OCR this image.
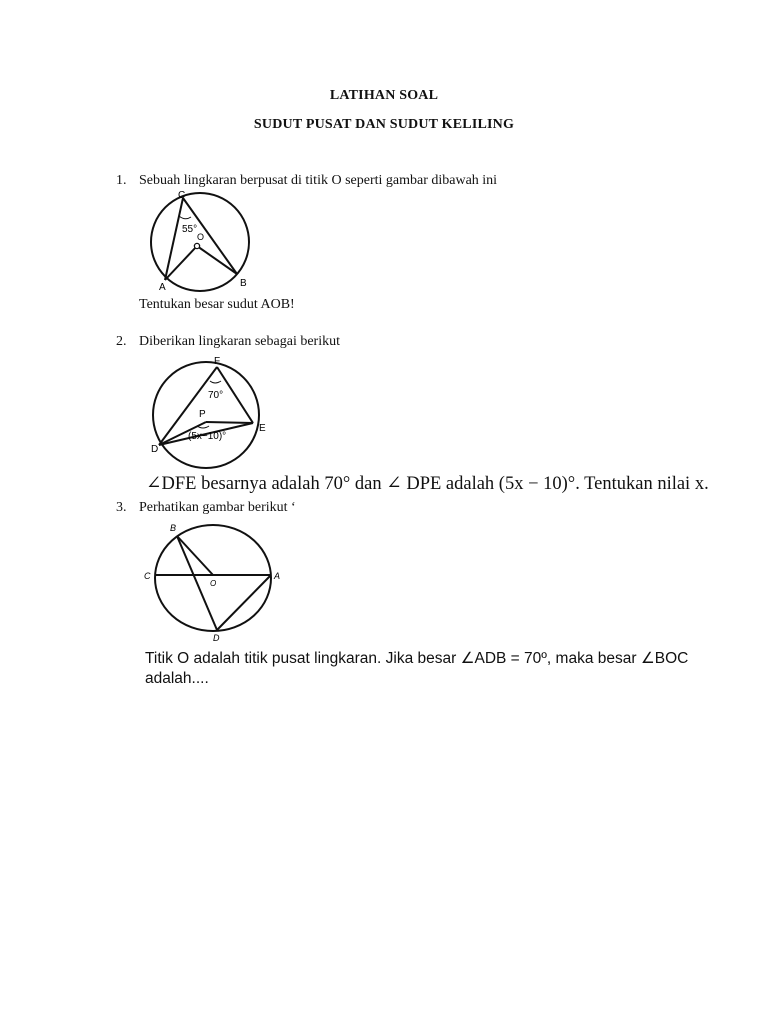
LATIHAN SOAL
SUDUT PUSAT DAN SUDUT KELILING
1. Sebuah lingkaran berpusat di titik O seperti gambar dibawah ini
C
55°
O
A	B
Tentukan besar sudut AOB!
2. Diberikan lingkaran sebagai berikut
F
70°
P
(5x−10)°
D
E
∠DFE besarnya adalah 70° dan ∠ DPE adalah (5x − 10)°. Tentukan nilai x.
3. Perhatikan gambar berikut ‘
B
C
O
A
D
Titik O adalah titik pusat lingkaran. Jika besar ∠ADB = 70º, maka besar ∠BOC
adalah....
